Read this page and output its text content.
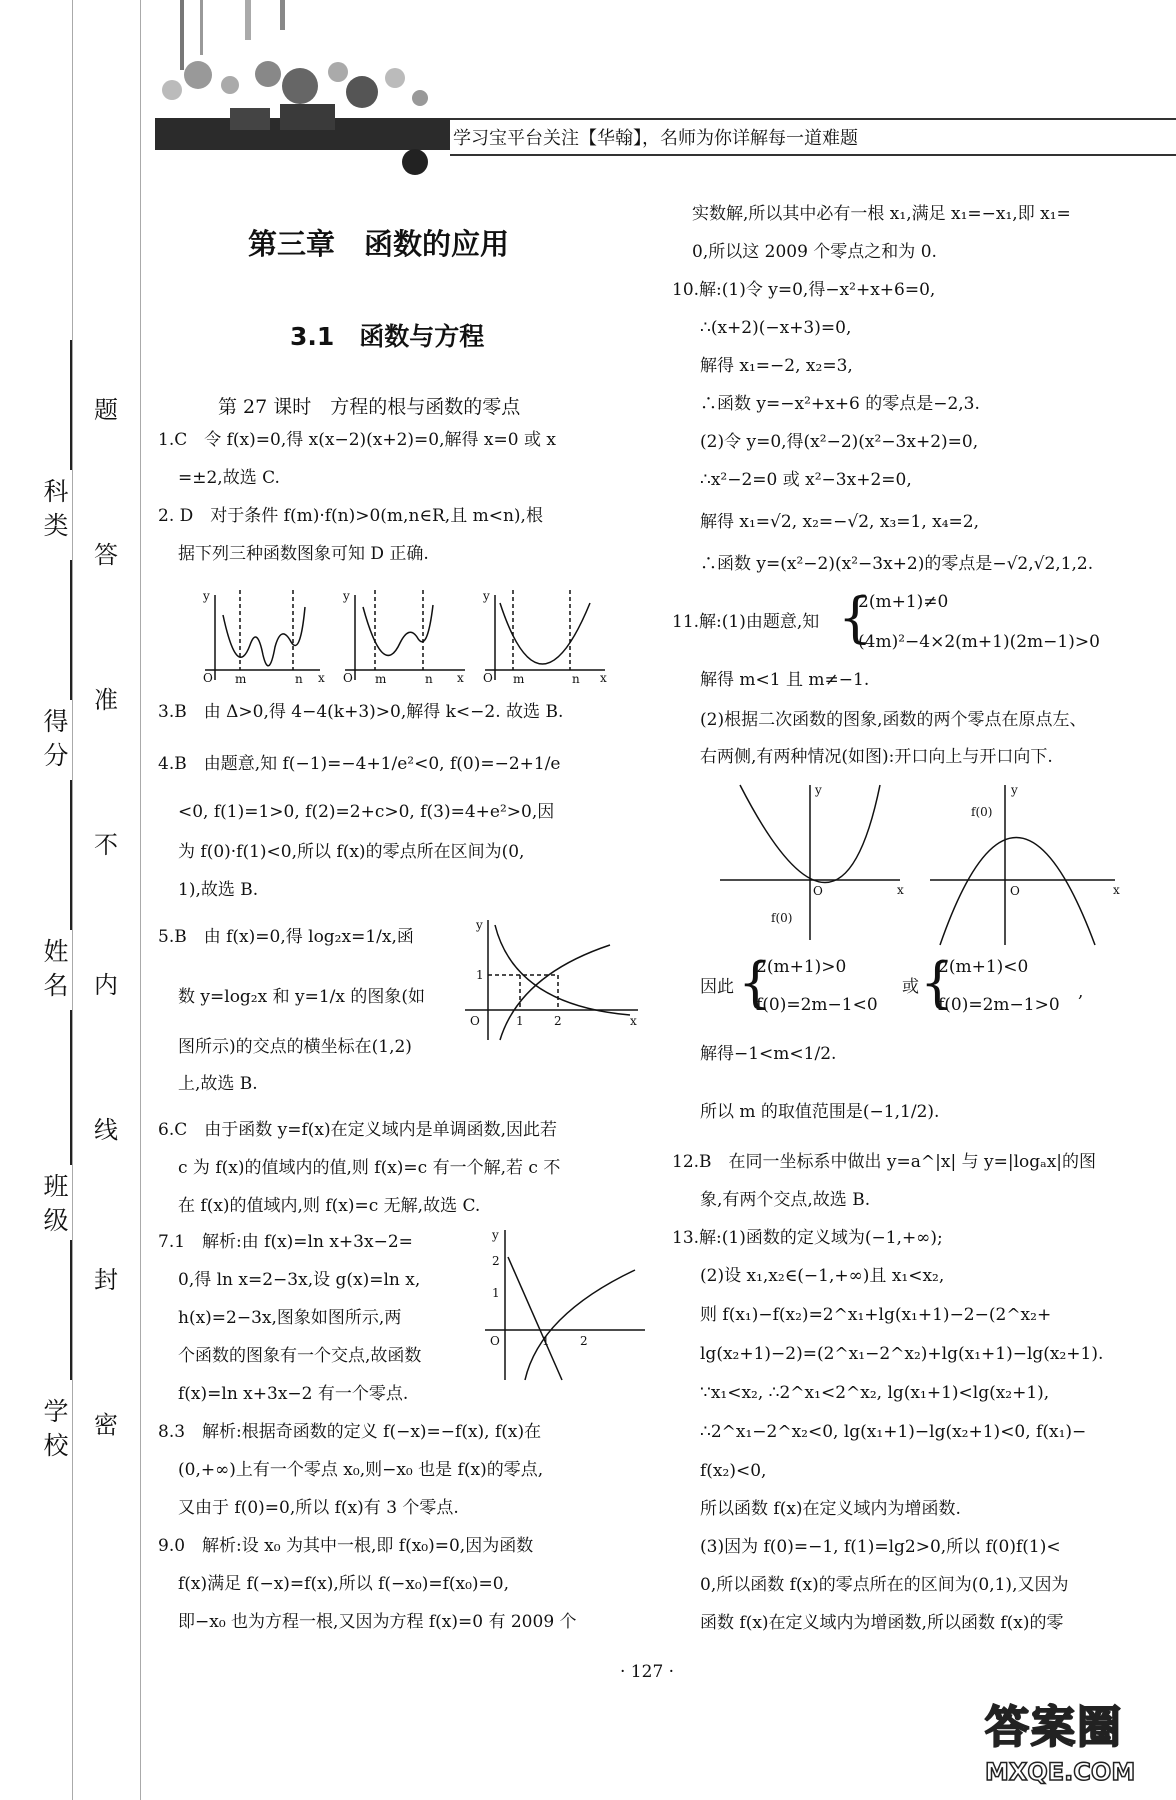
学习宝平台关注【华翰】，名师为你详解每一道难题
科类
得分
姓名
班级
学校
题
答
准
不
内
线
封
密
第三章　函数的应用
3.1　函数与方程
第 27 课时　方程的根与函数的零点
1.C　令 f(x)=0,得 x(x−2)(x+2)=0,解得 x=0 或 x
=±2,故选 C.
2. D　对于条件 f(m)·f(n)>0(m,n∈R,且 m<n),根
据下列三种函数图象可知 D 正确.
3.B　由 Δ>0,得 4−4(k+3)>0,解得 k<−2. 故选 B.
4.B　由题意,知 f(−1)=−4+1/e²<0, f(0)=−2+1/e
<0, f(1)=1>0, f(2)=2+c>0, f(3)=4+e²>0,因
为 f(0)·f(1)<0,所以 f(x)的零点所在区间为(0,
1),故选 B.
5.B　由 f(x)=0,得 log₂x=1/x,函
数 y=log₂x 和 y=1/x 的图象(如
图所示)的交点的横坐标在(1,2)
上,故选 B.
6.C　由于函数 y=f(x)在定义域内是单调函数,因此若
c 为 f(x)的值域内的值,则 f(x)=c 有一个解,若 c 不
在 f(x)的值域内,则 f(x)=c 无解,故选 C.
7.1　解析:由 f(x)=ln x+3x−2=
0,得 ln x=2−3x,设 g(x)=ln x,
h(x)=2−3x,图象如图所示,两
个函数的图象有一个交点,故函数
f(x)=ln x+3x−2 有一个零点.
8.3　解析:根据奇函数的定义 f(−x)=−f(x), f(x)在
(0,+∞)上有一个零点 x₀,则−x₀ 也是 f(x)的零点,
又由于 f(0)=0,所以 f(x)有 3 个零点.
9.0　解析:设 x₀ 为其中一根,即 f(x₀)=0,因为函数
f(x)满足 f(−x)=f(x),所以 f(−x₀)=f(x₀)=0,
即−x₀ 也为方程一根,又因为方程 f(x)=0 有 2009 个
y
O m	n x
y
O m	n x
y
O m	n x
y
1
O	1	2	x
y
2
1
O	1	2
实数解,所以其中必有一根 x₁,满足 x₁=−x₁,即 x₁=
0,所以这 2009 个零点之和为 0.
10.解:(1)令 y=0,得−x²+x+6=0,
∴(x+2)(−x+3)=0,
解得 x₁=−2, x₂=3,
∴函数 y=−x²+x+6 的零点是−2,3.
(2)令 y=0,得(x²−2)(x²−3x+2)=0,
∴x²−2=0 或 x²−3x+2=0,
解得 x₁=√2, x₂=−√2, x₃=1, x₄=2,
∴函数 y=(x²−2)(x²−3x+2)的零点是−√2,√2,1,2.
11.解:(1)由题意,知 {
2(m+1)≠0
(4m)²−4×2(m+1)(2m−1)>0
解得 m<1 且 m≠−1.
(2)根据二次函数的图象,函数的两个零点在原点左、
右两侧,有两种情况(如图):开口向上与开口向下.
因此 {
2(m+1)>0
f(0)=2m−1<0
或 {
2(m+1)<0
f(0)=2m−1>0
,
解得−1<m<1/2.
所以 m 的取值范围是(−1,1/2).
12.B　在同一坐标系中做出 y=a^|x| 与 y=|logₐx|的图
象,有两个交点,故选 B.
13.解:(1)函数的定义域为(−1,+∞);
(2)设 x₁,x₂∈(−1,+∞)且 x₁<x₂,
则 f(x₁)−f(x₂)=2^x₁+lg(x₁+1)−2−(2^x₂+
lg(x₂+1)−2)=(2^x₁−2^x₂)+lg(x₁+1)−lg(x₂+1).
∵x₁<x₂, ∴2^x₁<2^x₂, lg(x₁+1)<lg(x₂+1),
∴2^x₁−2^x₂<0, lg(x₁+1)−lg(x₂+1)<0, f(x₁)−
f(x₂)<0,
所以函数 f(x)在定义域内为增函数.
(3)因为 f(0)=−1, f(1)=lg2>0,所以 f(0)f(1)<
0,所以函数 f(x)的零点所在的区间为(0,1),又因为
函数 f(x)在定义域内为增函数,所以函数 f(x)的零
y
O	x
f(0)
y
O	x
f(0)
· 127 ·
答案圈
MXQE.COM
